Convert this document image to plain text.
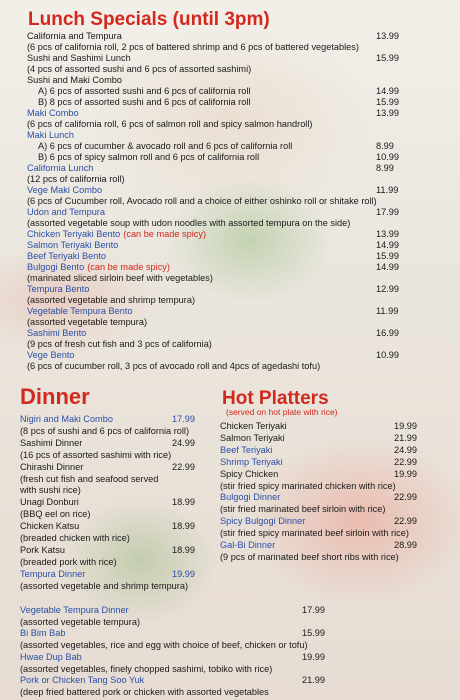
Lunch Specials (until 3pm)
Dinner	Hot Platters
(served on hot plate with rice)
California and Tempura	13.99
(6 pcs of california roll, 2 pcs of battered shrimp and 6 pcs of battered vegetables)
Sushi and Sashimi Lunch	15.99
(4 pcs of assorted sushi and 6 pcs of assorted sashimi)
Sushi and Maki Combo
A) 6 pcs of assorted sushi and 6 pcs of california roll	14.99
B) 8 pcs of assorted sushi and 6 pcs of california roll	15.99
Maki Combo	13.99
(6 pcs of california roll, 6 pcs of salmon roll and spicy salmon handroll)
Maki Lunch
A) 6 pcs of cucumber & avocado roll and 6 pcs of california roll	8.99
B) 6 pcs of spicy salmon roll and 6 pcs of california roll	10.99
California Lunch	8.99
(12 pcs of california roll)
Vege Maki Combo	11.99
(6 pcs of Cucumber roll, Avocado roll and a choice of either oshinko roll or shitake roll)
Udon and Tempura	17.99
(assorted vegetable soup with udon noodles with assorted tempura on the side)
Chicken Teriyaki Bento (can be made spicy)	13.99
Salmon Teriyaki Bento	14.99
Beef Teriyaki Bento	15.99
Bulgogi Bento (can be made spicy)	14.99
(marinated sliced sirloin beef with vegetables)
Tempura Bento	12.99
(assorted vegetable and shrimp tempura)
Vegetable Tempura Bento	11.99
(assorted vegetable tempura)
Sashimi Bento	16.99
(9 pcs of fresh cut fish and 3 pcs of california)
Vege Bento	10.99
(6 pcs of cucumber roll, 3 pcs of avocado roll and 4pcs of agedashi tofu)
Nigiri and Maki Combo	17.99
(8 pcs of sushi and 6 pcs of california roll)
Sashimi Dinner	24.99
(16 pcs of assorted sashimi with rice)
Chirashi Dinner	22.99
(fresh cut fish and seafood served
with sushi rice)
Unagi Donburi	18.99
(BBQ eel on rice)
Chicken Katsu	18.99
(breaded chicken with rice)
Pork Katsu	18.99
(breaded pork with rice)
Tempura Dinner	19.99
(assorted vegetable and shrimp tempura)
Chicken Teriyaki	19.99
Salmon Teriyaki	21.99
Beef Teriyaki	24.99
Shrimp Teriyaki	22.99
Spicy Chicken	19.99
(stir fried spicy marinated chicken with rice)
Bulgogi Dinner	22.99
(stir fried marinated beef sirloin with rice)
Spicy Bulgogi Dinner	22.99
(stir fried spicy marinated beef sirloin with rice)
Gal-Bi Dinner	28.99
(9 pcs of marinated beef short ribs with rice)
Vegetable Tempura Dinner	17.99
(assorted vegetable tempura)
Bi Bim Bab	15.99
(assorted vegetables, rice and egg with choice of beef, chicken or tofu)
Hwae Dup Bab	19.99
(assorted vegetables, finely chopped sashimi, tobiko with rice)
Pork or Chicken Tang Soo Yuk	21.99
(deep fried battered pork or chicken with assorted vegetables
